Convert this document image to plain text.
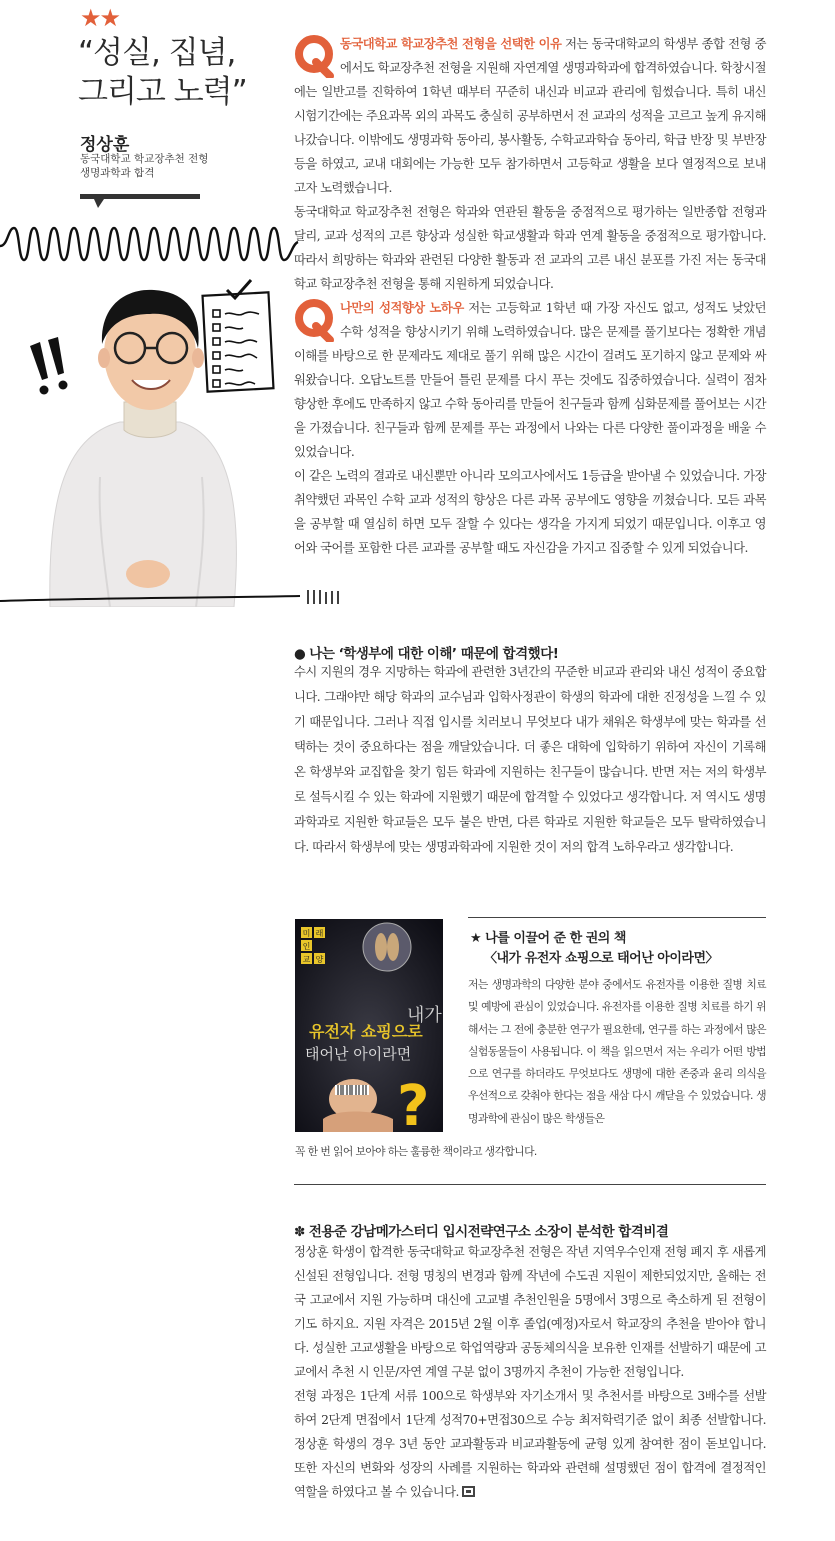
★★
“성실, 집념,
그리고 노력”
정상훈
동국대학교 학교장추천 전형
생명과학과 합격

동국대학교 학교장추천 전형을 선택한 이유 저는 동국대학교의 학생부 종합 전형 중에서도 학교장추천 전형을 지원해 자연계열 생명과학과에 합격하였습니다. 학창시절에는 일반고를 진학하여 1학년 때부터 꾸준히 내신과 비교과 관리에 힘썼습니다. 특히 내신 시험기간에는 주요과목 외의 과목도 충실히 공부하면서 전 교과의 성적을 고르고 높게 유지해나갔습니다. 이밖에도 생명과학 동아리, 봉사활동, 수학교과학습 동아리, 학급 반장 및 부반장 등을 하였고, 교내 대회에는 가능한 모두 참가하면서 고등학교 생활을 보다 열정적으로 보내고자 노력했습니다.

동국대학교 학교장추천 전형은 학과와 연관된 활동을 중점적으로 평가하는 일반종합 전형과 달리, 교과 성적의 고른 향상과 성실한 학교생활과 학과 연계 활동을 중점적으로 평가합니다. 따라서 희망하는 학과와 관련된 다양한 활동과 전 교과의 고른 내신 분포를 가진 저는 동국대학교 학교장추천 전형을 통해 지원하게 되었습니다.

나만의 성적향상 노하우 저는 고등학교 1학년 때 가장 자신도 없고, 성적도 낮았던 수학 성적을 향상시키기 위해 노력하였습니다. 많은 문제를 풀기보다는 정확한 개념 이해를 바탕으로 한 문제라도 제대로 풀기 위해 많은 시간이 걸려도 포기하지 않고 문제와 싸워왔습니다. 오답노트를 만들어 틀린 문제를 다시 푸는 것에도 집중하였습니다. 실력이 점차 향상한 후에도 만족하지 않고 수학 동아리를 만들어 친구들과 함께 심화문제를 풀어보는 시간을 가졌습니다. 친구들과 함께 문제를 푸는 과정에서 나와는 다른 다양한 풀이과정을 배울 수 있었습니다.

이 같은 노력의 결과로 내신뿐만 아니라 모의고사에서도 1등급을 받아낼 수 있었습니다. 가장 취약했던 과목인 수학 교과 성적의 향상은 다른 과목 공부에도 영향을 끼쳤습니다. 모든 과목을 공부할 때 열심히 하면 모두 잘할 수 있다는 생각을 가지게 되었기 때문입니다. 이후고 영어와 국어를 포함한 다른 교과를 공부할 때도 자신감을 가지고 집중할 수 있게 되었습니다.

● 나는 ‘학생부에 대한 이해’ 때문에 합격했다!

수시 지원의 경우 지망하는 학과에 관련한 3년간의 꾸준한 비교과 관리와 내신 성적이 중요합니다. 그래야만 해당 학과의 교수님과 입학사정관이 학생의 학과에 대한 진정성을 느낄 수 있기 때문입니다. 그러나 직접 입시를 치러보니 무엇보다 내가 채워온 학생부에 맞는 학과를 선택하는 것이 중요하다는 점을 깨달았습니다. 더 좋은 대학에 입학하기 위하여 자신이 기록해온 학생부와 교집합을 찾기 힘든 학과에 지원하는 친구들이 많습니다. 반면 저는 저의 학생부로 설득시킬 수 있는 학과에 지원했기 때문에 합격할 수 있었다고 생각합니다. 저 역시도 생명과학과로 지원한 학교들은 모두 붙은 반면, 다른 학과로 지원한 학교들은 모두 탈락하였습니다. 따라서 학생부에 맞는 생명과학과에 지원한 것이 저의 합격 노하우라고 생각합니다.

미 래
인
교 양
내가
유전자 쇼핑으로
태어난 아이라면
?
★ 나를 이끌어 준 한 권의 책
〈내가 유전자 쇼핑으로 태어난 아이라면〉
저는 생명과학의 다양한 분야 중에서도 유전자를 이용한 질병 치료 및 예방에 관심이 있었습니다. 유전자를 이용한 질병 치료를 하기 위해서는 그 전에 충분한 연구가 필요한데, 연구를 하는 과정에서 많은 실험동물들이 사용됩니다. 이 책을 읽으면서 저는 우리가 어떤 방법으로 연구를 하더라도 무엇보다도 생명에 대한 존중과 윤리 의식을 우선적으로 갖춰야 한다는 점을 새삼 다시 깨닫을 수 있었습니다. 생명과학에 관심이 많은 학생들은
꼭 한 번 읽어 보아야 하는 훌륭한 책이라고 생각합니다.
✽ 전용준 강남메가스터디 입시전략연구소 소장이 분석한 합격비결

정상훈 학생이 합격한 동국대학교 학교장추천 전형은 작년 지역우수인재 전형 폐지 후 새롭게 신설된 전형입니다. 전형 명칭의 변경과 함께 작년에 수도권 지원이 제한되었지만, 올해는 전국 고교에서 지원 가능하며 대신에 고교별 추천인원을 5명에서 3명으로 축소하게 된 전형이기도 하지요. 지원 자격은 2015년 2월 이후 졸업(예정)자로서 학교장의 추천을 받아야 합니다. 성실한 고교생활을 바탕으로 학업역량과 공동체의식을 보유한 인재를 선발하기 때문에 고교에서 추천 시 인문/자연 계열 구분 없이 3명까지 추천이 가능한 전형입니다.

전형 과정은 1단계 서류 100으로 학생부와 자기소개서 및 추천서를 바탕으로 3배수를 선발하여 2단계 면접에서 1단계 성적70+면접30으로 수능 최저학력기준 없이 최종 선발합니다. 정상훈 학생의 경우 3년 동안 교과활동과 비교과활동에 균형 있게 참여한 점이 돋보입니다. 또한 자신의 변화와 성장의 사례를 지원하는 학과와 관련해 설명했던 점이 합격에 결정적인 역할을 하였다고 볼 수 있습니다.
